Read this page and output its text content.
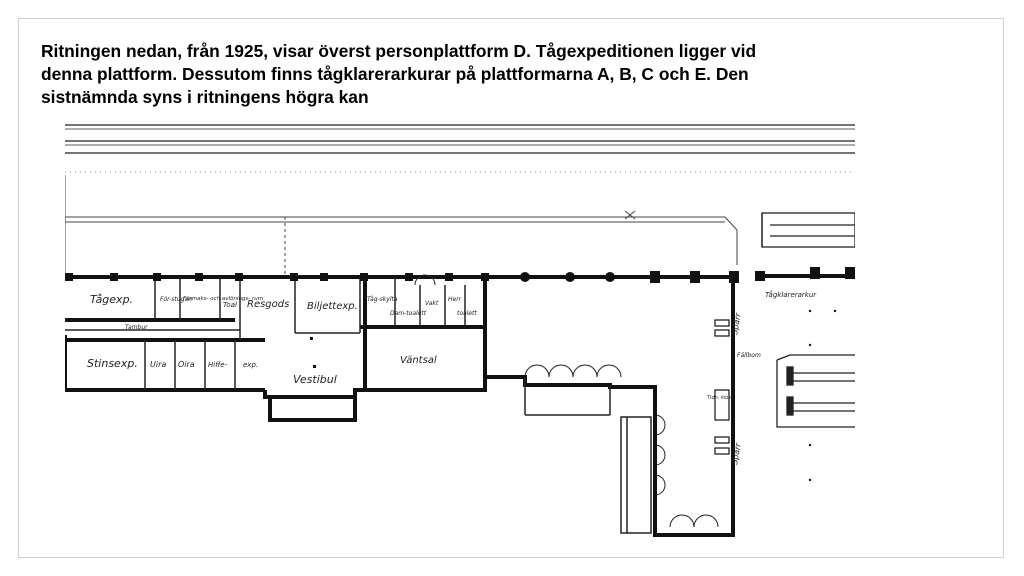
Ritningen nedan, från 1925, visar överst personplattform D. Tågexpeditionen ligger vid
denna plattform. Dessutom finns tågklarerarkurar på plattformarna A, B, C och E. Den
sistnämnda syns i ritningens högra kan
Tågexp.	För-stugan
Förmaks- och avlönings- rum
Toal Resgods Biljettexp.
Tåg-skylta
Vakt
Herr
Dam-toalett	toalett
Tambur
Stinsexp. Uira Oira Hiffe- exp.
Vestibul
Väntsal
Tågklarerarkur
Spärr
Fällbom
Tidn. kiosk
Spärr
